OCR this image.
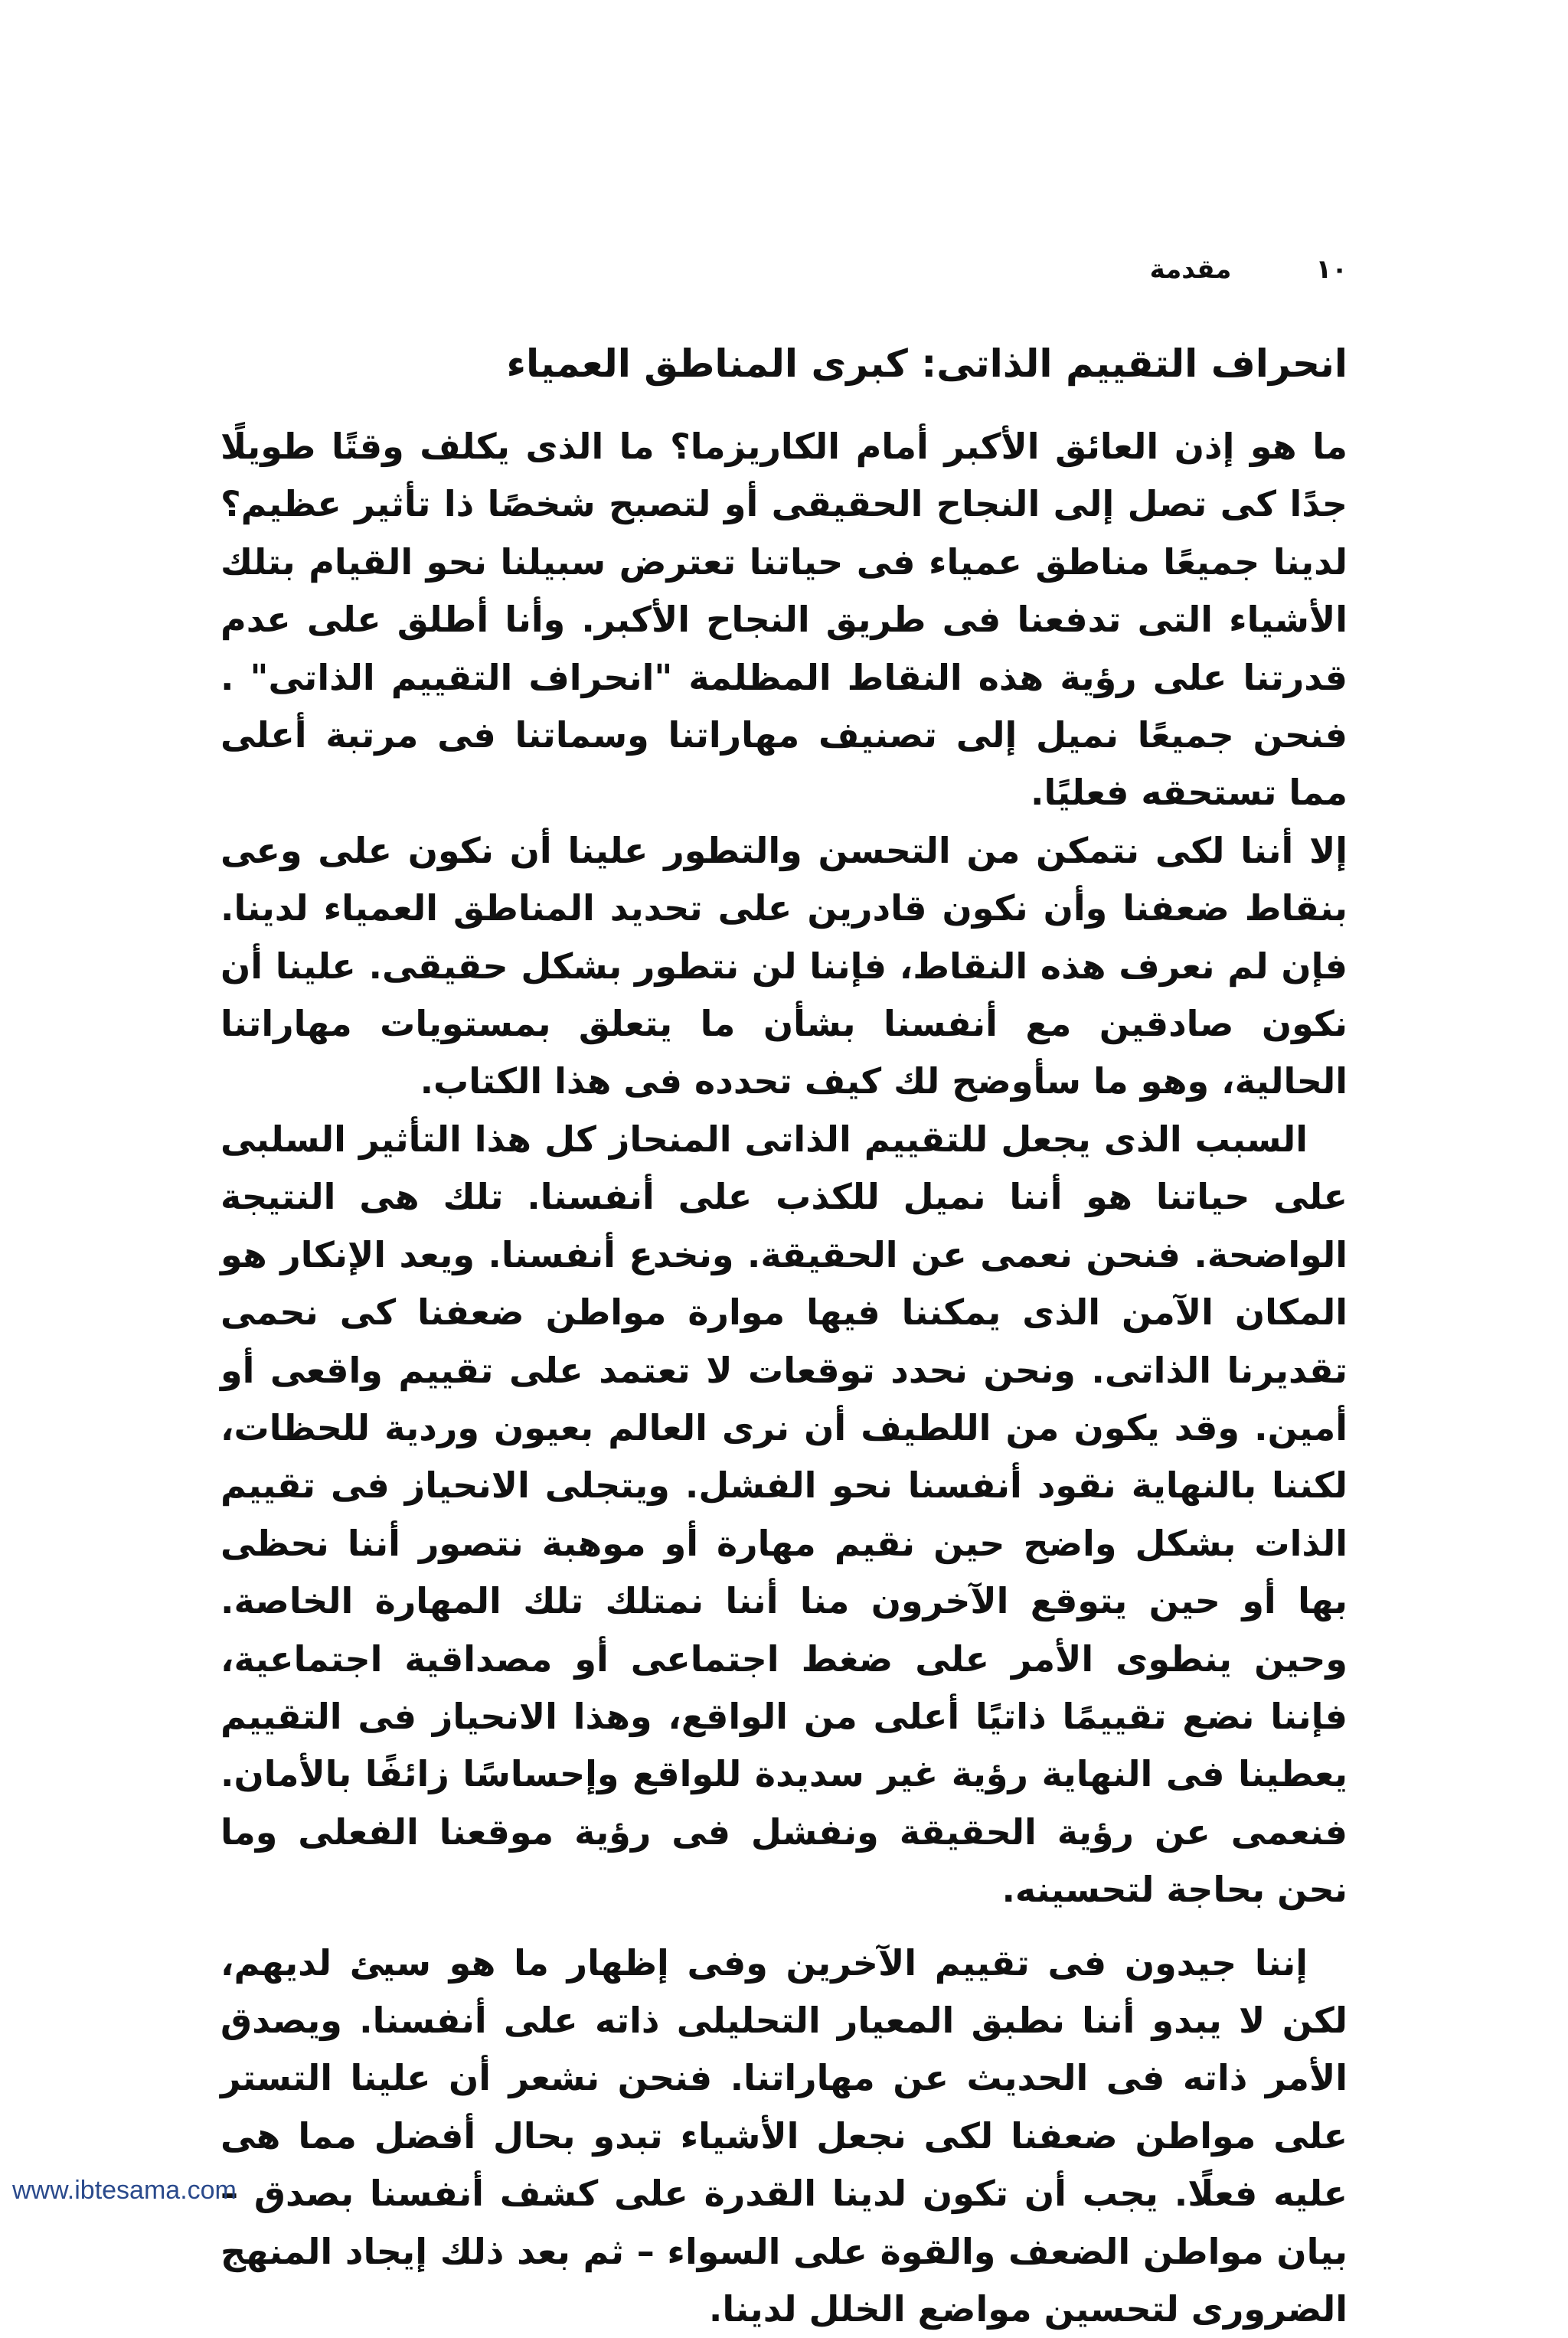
١٠
مقدمة
انحراف التقييم الذاتى: كبرى المناطق العمياء

ما هو إذن العائق الأكبر أمام الكاريزما؟ ما الذى يكلف وقتًا طويلًا جدًا كى تصل إلى النجاح الحقيقى أو لتصبح شخصًا ذا تأثير عظيم؟ لدينا جميعًا مناطق عمياء فى حياتنا تعترض سبيلنا نحو القيام بتلك الأشياء التى تدفعنا فى طريق النجاح الأكبر. وأنا أطلق على عدم قدرتنا على رؤية هذه النقاط المظلمة "انحراف التقييم الذاتى" . فنحن جميعًا نميل إلى تصنيف مهاراتنا وسماتنا فى مرتبة أعلى مما تستحقه فعليًا.

إلا أننا لكى نتمكن من التحسن والتطور علينا أن نكون على وعى بنقاط ضعفنا وأن نكون قادرين على تحديد المناطق العمياء لدينا. فإن لم نعرف هذه النقاط، فإننا لن نتطور بشكل حقيقى. علينا أن نكون صادقين مع أنفسنا بشأن ما يتعلق بمستويات مهاراتنا الحالية، وهو ما سأوضح لك كيف تحدده فى هذا الكتاب.

السبب الذى يجعل للتقييم الذاتى المنحاز كل هذا التأثير السلبى على حياتنا هو أننا نميل للكذب على أنفسنا. تلك هى النتيجة الواضحة. فنحن نعمى عن الحقيقة. ونخدع أنفسنا. ويعد الإنكار هو المكان الآمن الذى يمكننا فيها موارة مواطن ضعفنا كى نحمى تقديرنا الذاتى. ونحن نحدد توقعات لا تعتمد على تقييم واقعى أو أمين. وقد يكون من اللطيف أن نرى العالم بعيون وردية للحظات، لكننا بالنهاية نقود أنفسنا نحو الفشل. ويتجلى الانحياز فى تقييم الذات بشكل واضح حين نقيم مهارة أو موهبة نتصور أننا نحظى بها أو حين يتوقع الآخرون منا أننا نمتلك تلك المهارة الخاصة. وحين ينطوى الأمر على ضغط اجتماعى أو مصداقية اجتماعية، فإننا نضع تقييمًا ذاتيًا أعلى من الواقع، وهذا الانحياز فى التقييم يعطينا فى النهاية رؤية غير سديدة للواقع وإحساسًا زائفًا بالأمان. فنعمى عن رؤية الحقيقة ونفشل فى رؤية موقعنا الفعلى وما نحن بحاجة لتحسينه.

إننا جيدون فى تقييم الآخرين وفى إظهار ما هو سيئ لديهم، لكن لا يبدو أننا نطبق المعيار التحليلى ذاته على أنفسنا. ويصدق الأمر ذاته فى الحديث عن مهاراتنا. فنحن نشعر أن علينا التستر على مواطن ضعفنا لكى نجعل الأشياء تبدو بحال أفضل مما هى عليه فعلًا. يجب أن تكون لدينا القدرة على كشف أنفسنا بصدق – بيان مواطن الضعف والقوة على السواء – ثم بعد ذلك إيجاد المنهج الضرورى لتحسين مواضع الخلل لدينا.

www.ibtesama.com
